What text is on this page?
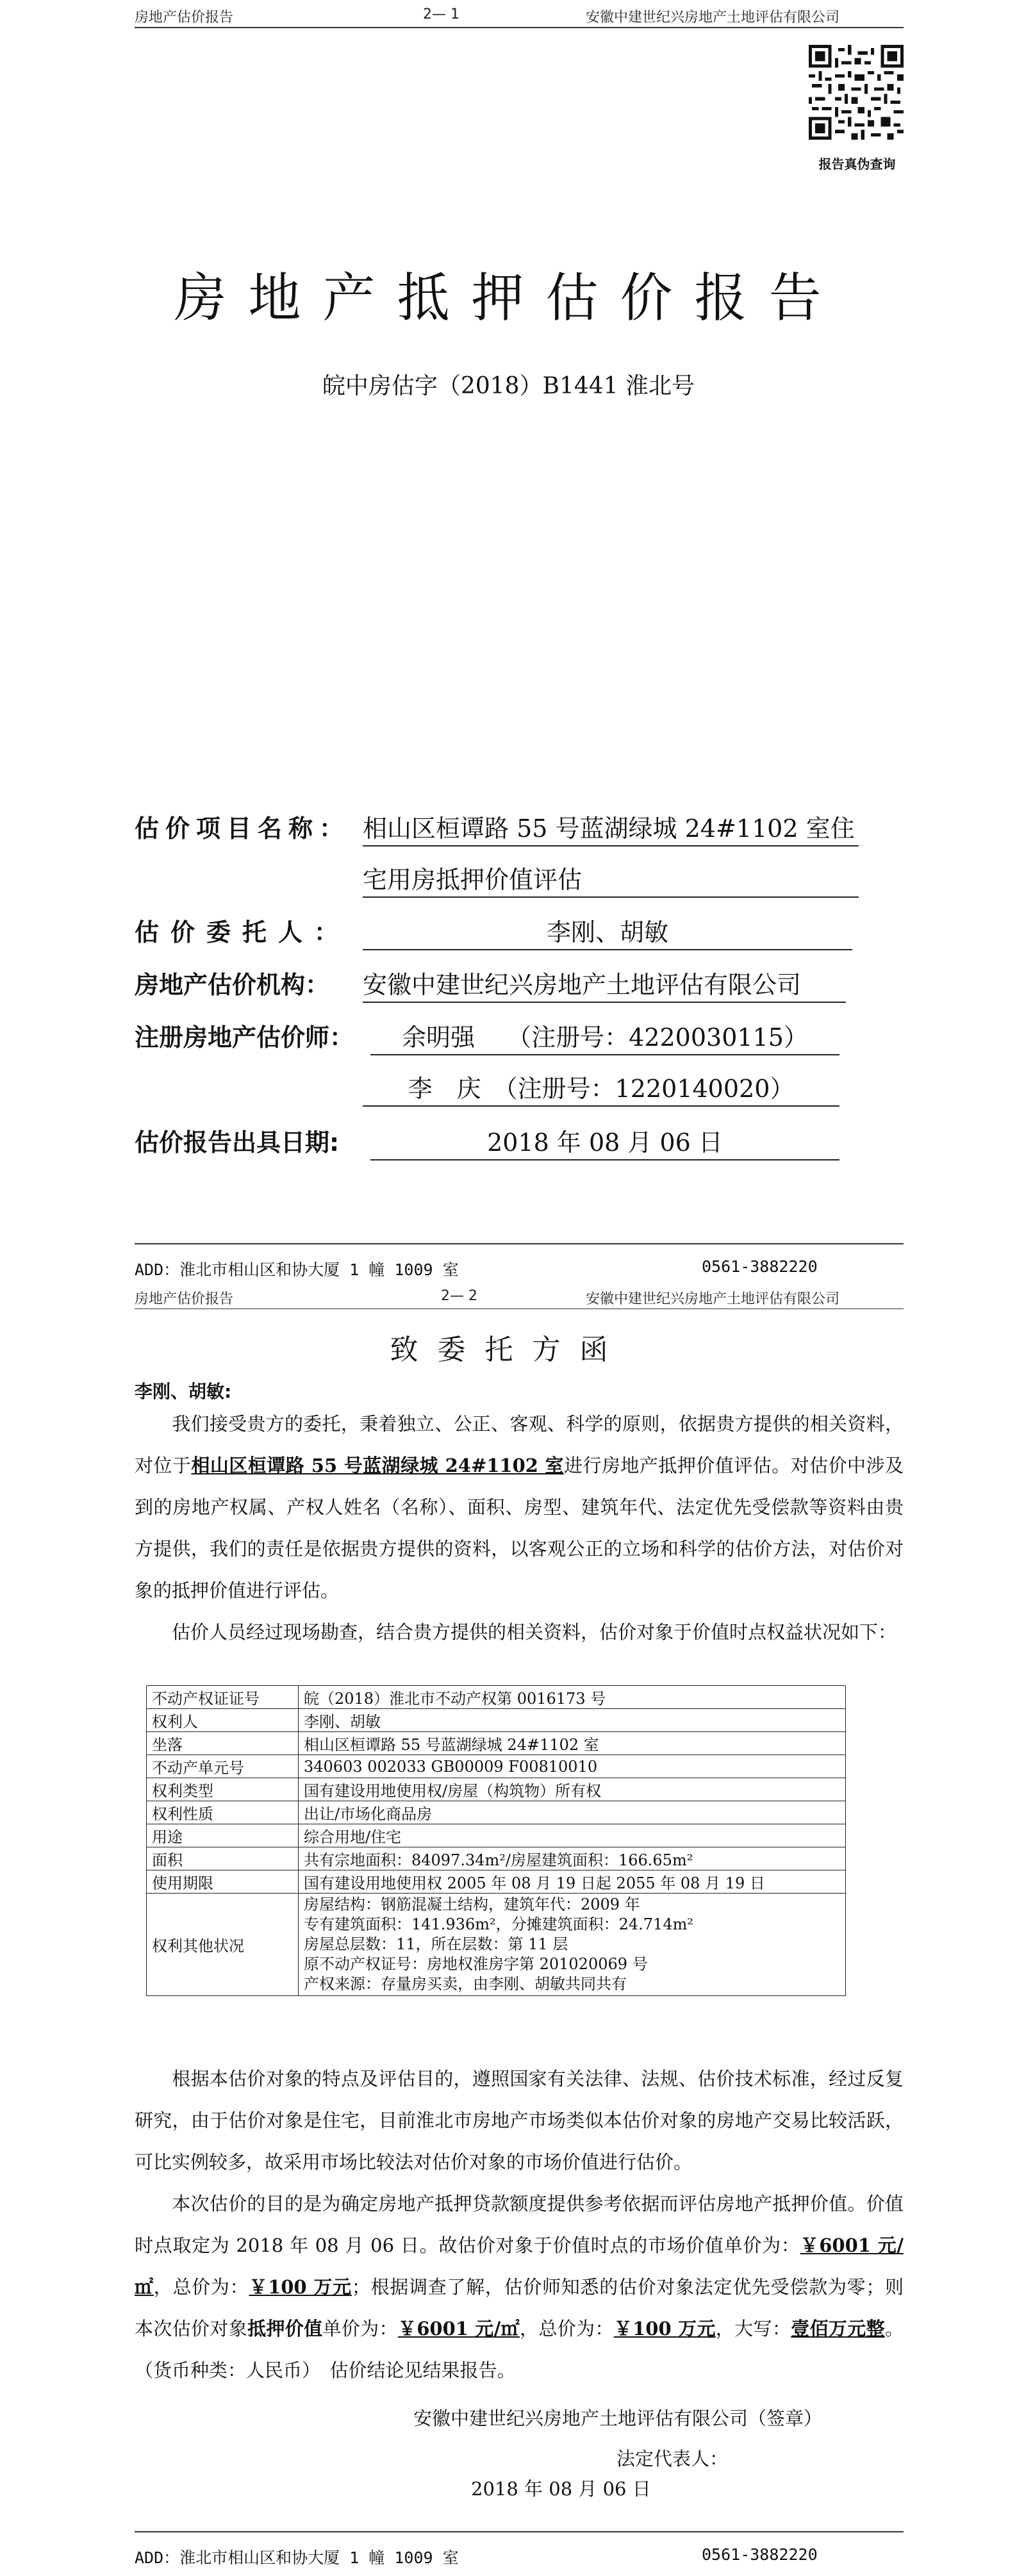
房地产估价报告	2— 1	安徽中建世纪兴房地产土地评估有限公司
报告真伪查询
房地产抵押估价报告
皖中房估字（2018）B1441 淮北号
估价项目名称： 相山区桓谭路 55 号蓝湖绿城 24#1102 室住
宅用房抵押价值评估
估价委托人：	李刚、胡敏
房地产估价机构： 安徽中建世纪兴房地产土地评估有限公司
注册房地产估价师：	余明强　 （注册号：4220030115）
李　庆　（注册号：1220140020）
估价报告出具日期:	2018 年 08 月 06 日
ADD：淮北市相山区和协大厦 1 幢 1009 室	0561-3882220
房地产估价报告	2— 2	安徽中建世纪兴房地产土地评估有限公司
致委托方函
李刚、胡敏:
我们接受贵方的委托，秉着独立、公正、客观、科学的原则，依据贵方提供的相关资料，对位于相山区桓谭路 55 号蓝湖绿城 24#1102 室进行房地产抵押价值评估。对估价中涉及到的房地产权属、产权人姓名（名称）、面积、房型、建筑年代、法定优先受偿款等资料由贵方提供，我们的责任是依据贵方提供的资料，以客观公正的立场和科学的估价方法，对估价对象的抵押价值进行评估。
估价人员经过现场勘查，结合贵方提供的相关资料，估价对象于价值时点权益状况如下：
不动产权证证号	皖（2018）淮北市不动产权第 0016173 号
权利人	李刚、胡敏
坐落	相山区桓谭路 55 号蓝湖绿城 24#1102 室
不动产单元号	340603 002033 GB00009 F00810010
权利类型	国有建设用地使用权/房屋（构筑物）所有权
权利性质	出让/市场化商品房
用途	综合用地/住宅
面积	共有宗地面积：84097.34m²/房屋建筑面积：166.65m²
使用期限	国有建设用地使用权 2005 年 08 月 19 日起 2055 年 08 月 19 日
权利其他状况	房屋结构：钢筋混凝土结构，建筑年代：2009 年
专有建筑面积：141.936m²，分摊建筑面积：24.714m²
房屋总层数：11，所在层数：第 11 层
原不动产权证号：房地权淮房字第 201020069 号
产权来源：存量房买卖，由李刚、胡敏共同共有
根据本估价对象的特点及评估目的，遵照国家有关法律、法规、估价技术标准，经过反复研究，由于估价对象是住宅，目前淮北市房地产市场类似本估价对象的房地产交易比较活跃，可比实例较多，故采用市场比较法对估价对象的市场价值进行估价。
本次估价的目的是为确定房地产抵押贷款额度提供参考依据而评估房地产抵押价值。价值时点取定为 2018 年 08 月 06 日。故估价对象于价值时点的市场价值单价为：￥6001 元/㎡，总价为：￥100 万元；根据调查了解，估价师知悉的估价对象法定优先受偿款为零；则本次估价对象抵押价值单价为：￥6001 元/㎡，总价为：￥100 万元，大写：壹佰万元整。（货币种类：人民币）　估价结论见结果报告。
安徽中建世纪兴房地产土地评估有限公司（签章）
法定代表人：
2018 年 08 月 06 日
ADD：淮北市相山区和协大厦 1 幢 1009 室	0561-3882220
